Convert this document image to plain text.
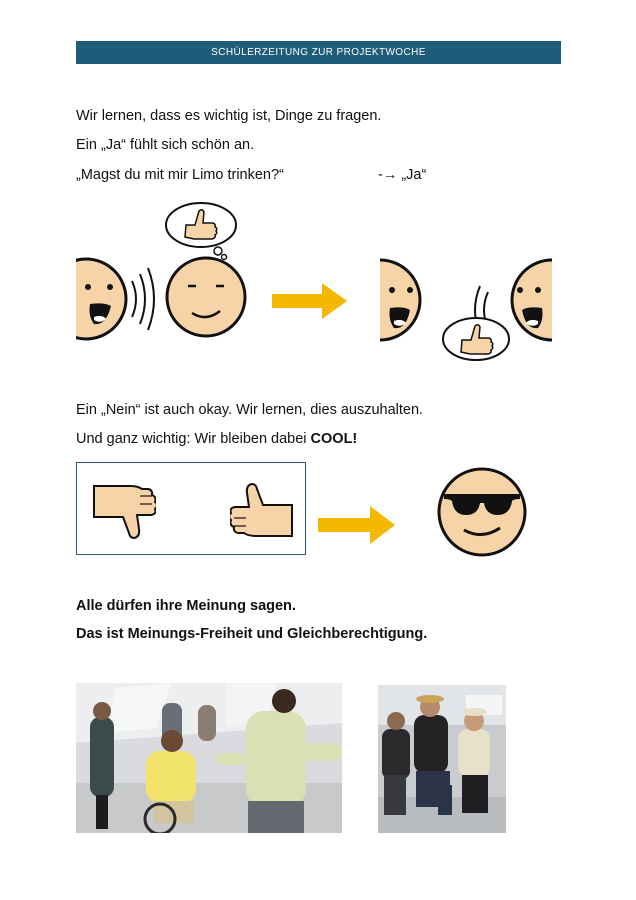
SCHÜLERZEITUNG ZUR PROJEKTWOCHE
Wir lernen, dass es wichtig ist, Dinge zu fragen.
Ein „Ja“ fühlt sich schön an.
„Magst du mit mir Limo trinken?“	-→ „Ja“
Ein „Nein“ ist auch okay. Wir lernen, dies auszuhalten.
Und ganz wichtig: Wir bleiben dabei COOL!
Alle dürfen ihre Meinung sagen.
Das ist Meinungs-Freiheit und Gleichberechtigung.
